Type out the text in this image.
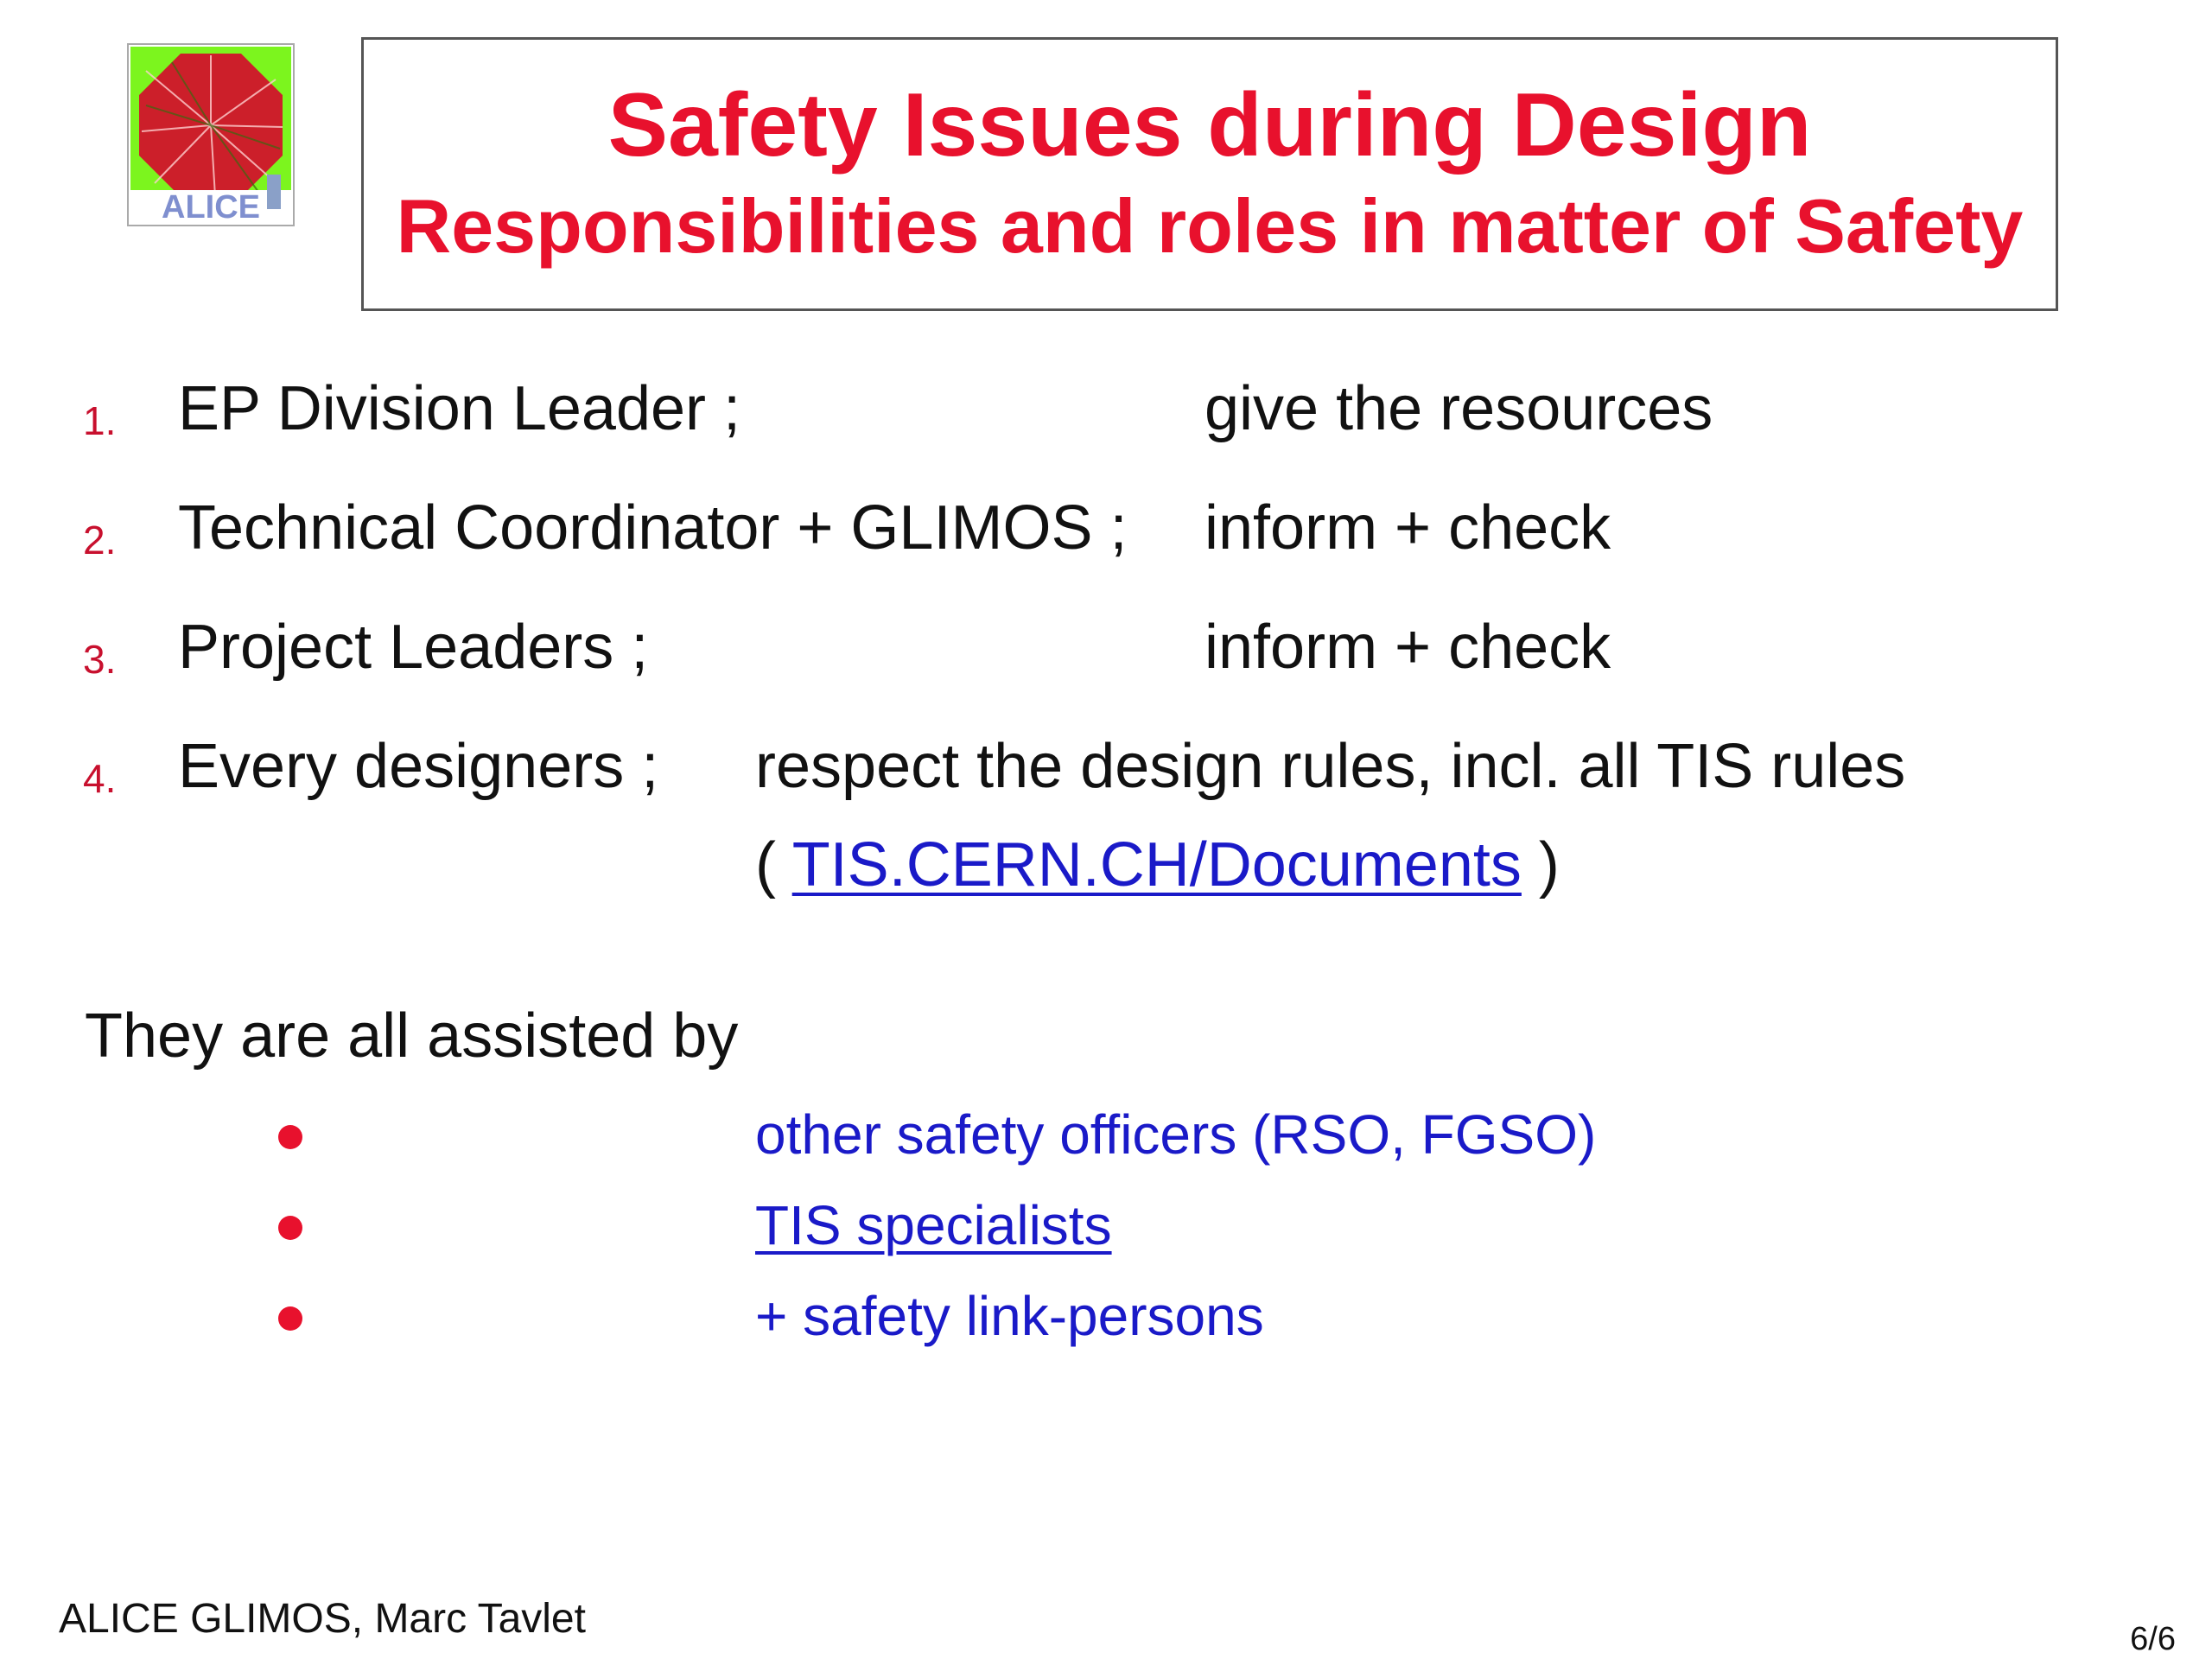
ALICE
Safety Issues during Design
Responsibilities and roles in matter of Safety
1. EP Division Leader ;	give the resources
2. Technical Coordinator + GLIMOS ; inform + check
3. Project Leaders ;	inform + check
4. Every designers ; respect the design rules, incl. all TIS rules
( TIS.CERN.CH/Documents )
They are all assisted by
other safety officers (RSO, FGSO)
TIS specialists
+ safety link-persons
ALICE GLIMOS, Marc Tavlet	6/6
